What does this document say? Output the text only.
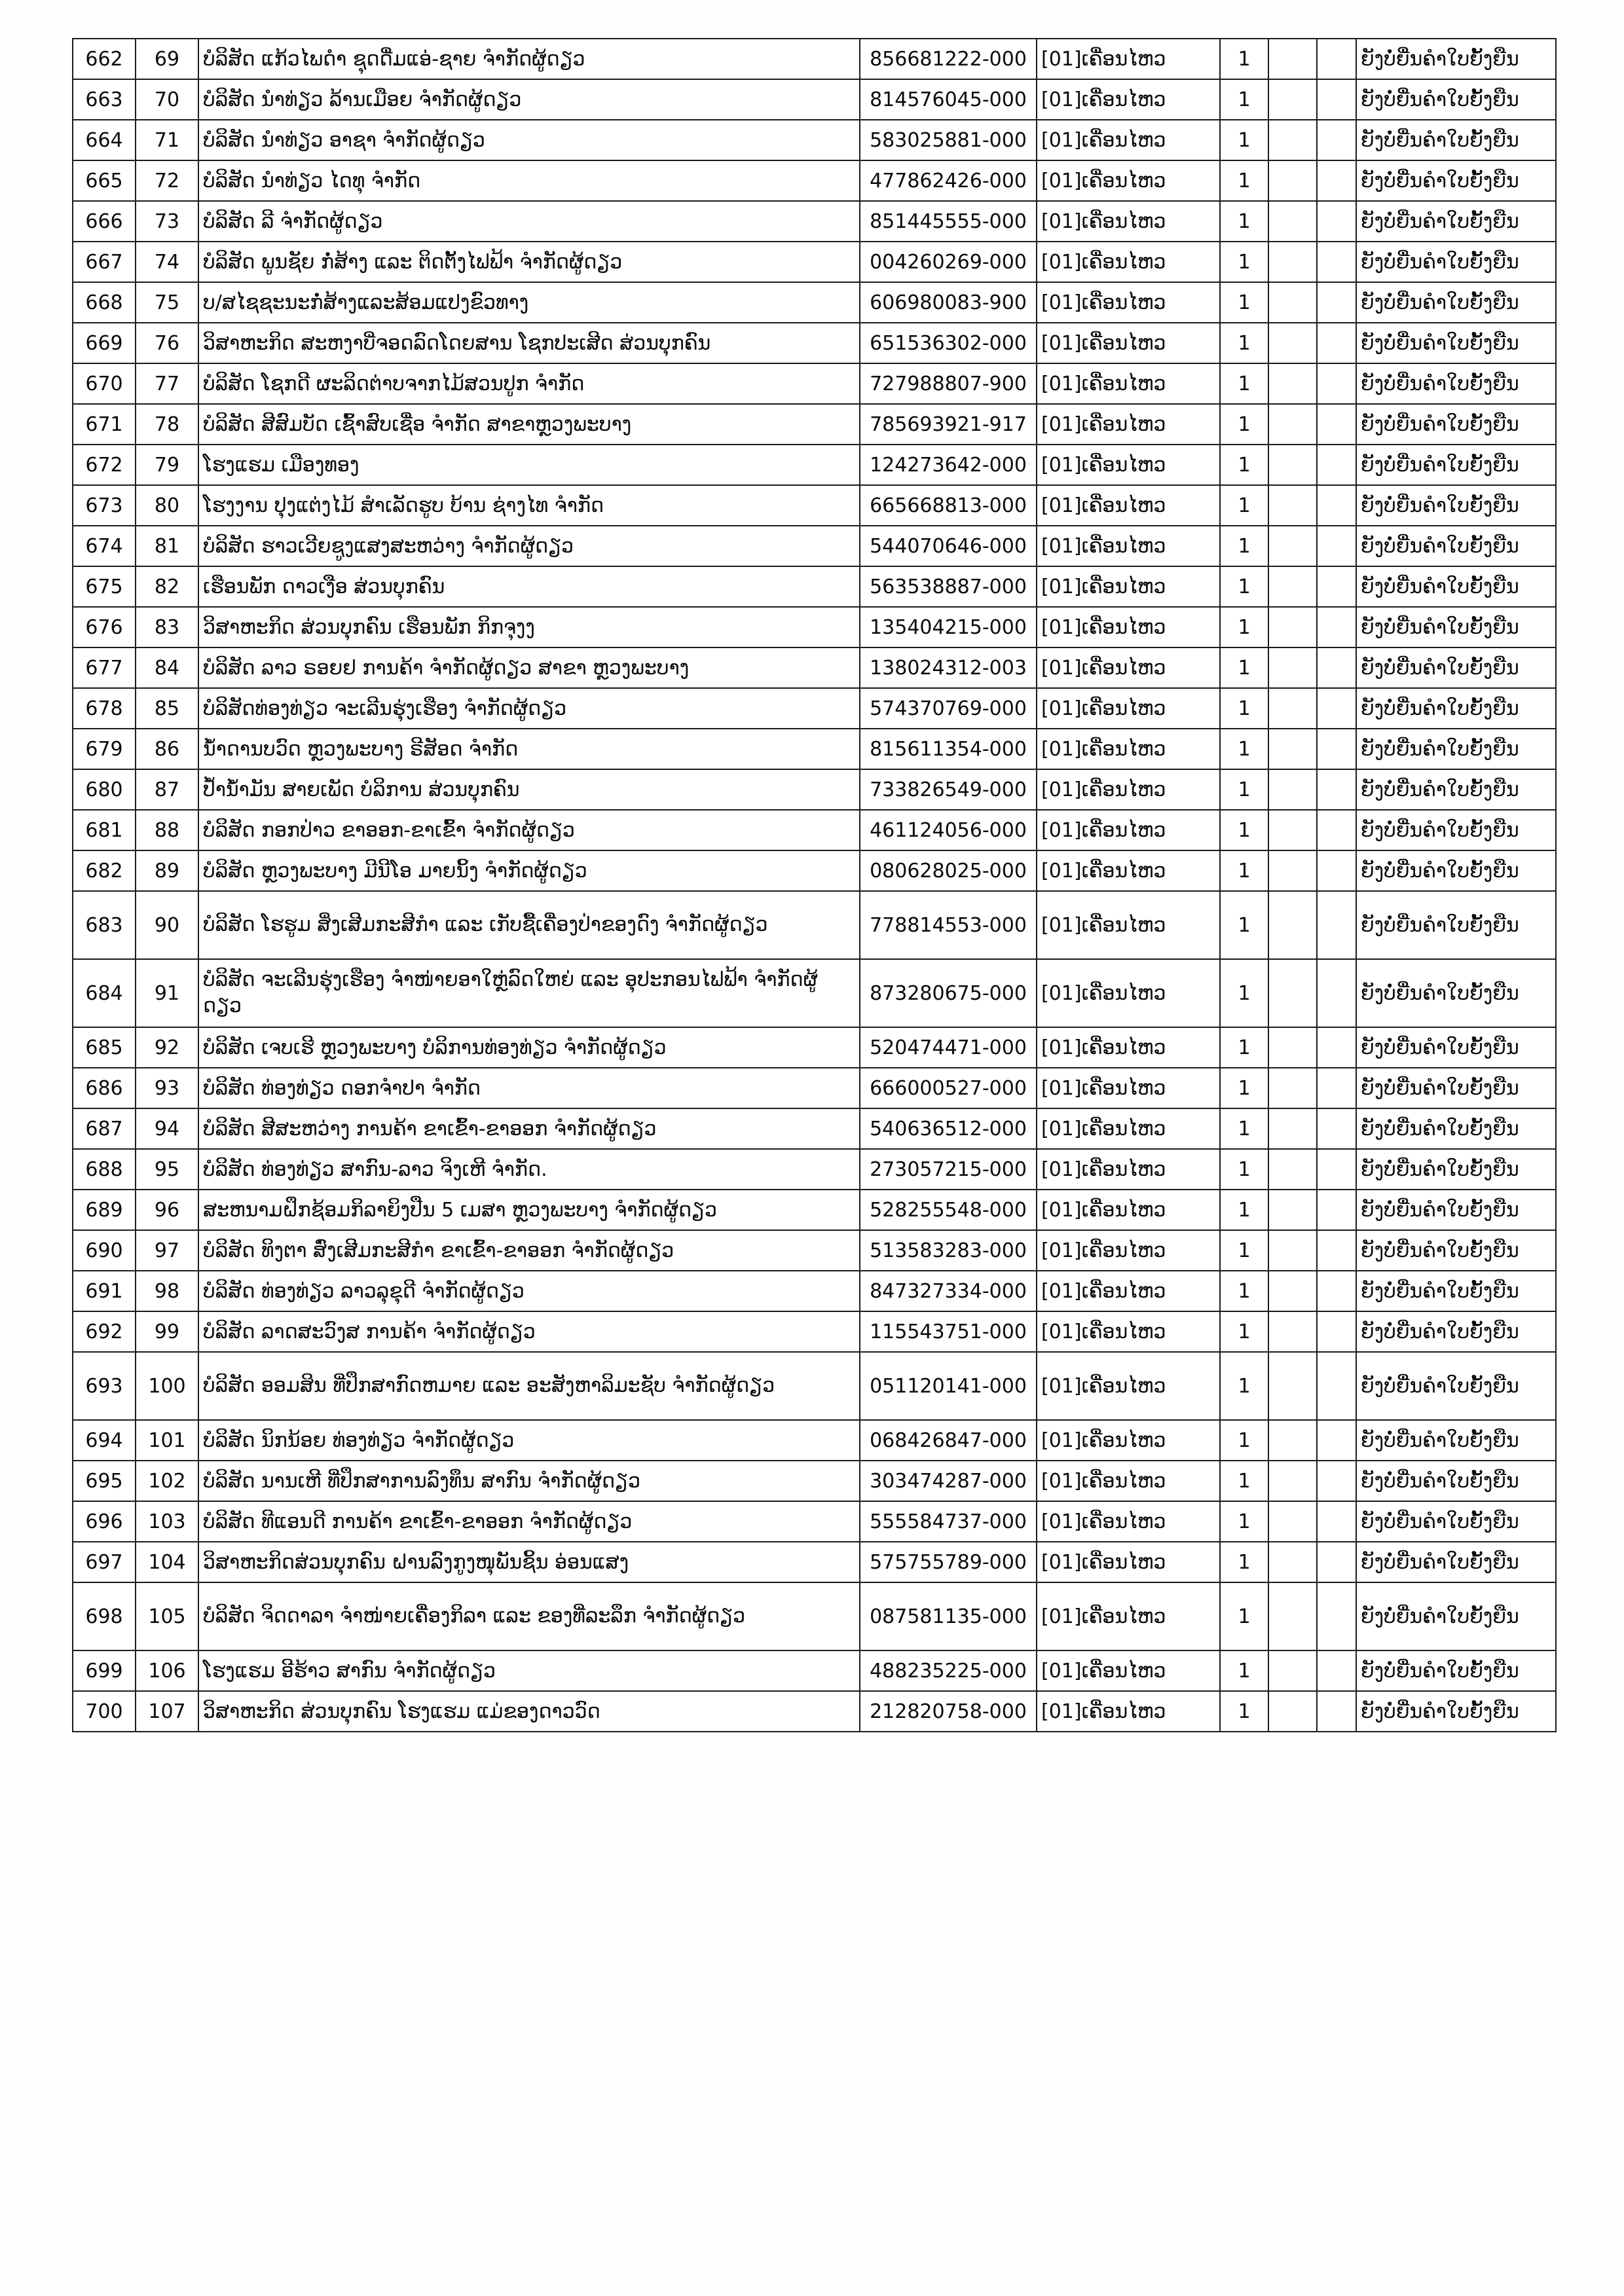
662	69	ບໍລິສັດ ແກ້ວໄພດຳ ຊຸດດື່ມແອ່-ຊາຍ ຈຳກັດຜູ້ດຽວ	856681222-000	[01]ເຄື່ອນໄຫວ	1			ຍັງບໍ່ຍື່ນຄຳໃບຍັ້ງຍືນ
663	70	ບໍລິສັດ ນຳທ່ຽວ ລ້ານເມືອຍ ຈຳກັດຜູ້ດຽວ	814576045-000	[01]ເຄື່ອນໄຫວ	1			ຍັງບໍ່ຍື່ນຄຳໃບຍັ້ງຍືນ
664	71	ບໍລິສັດ ນຳທ່ຽວ ອາຊາ ຈຳກັດຜູ້ດຽວ	583025881-000	[01]ເຄື່ອນໄຫວ	1			ຍັງບໍ່ຍື່ນຄຳໃບຍັ້ງຍືນ
665	72	ບໍລິສັດ ນຳທ່ຽວ ໄດທຸ ຈຳກັດ	477862426-000	[01]ເຄື່ອນໄຫວ	1			ຍັງບໍ່ຍື່ນຄຳໃບຍັ້ງຍືນ
666	73	ບໍລິສັດ ລີ ຈຳກັດຜູ້ດຽວ	851445555-000	[01]ເຄື່ອນໄຫວ	1			ຍັງບໍ່ຍື່ນຄຳໃບຍັ້ງຍືນ
667	74	ບໍລິສັດ ພູນຊັຍ ກໍ່ສ້າງ ແລະ ຕິດຕັ້ງໄຟຟ້າ ຈຳກັດຜູ້ດຽວ	004260269-000	[01]ເຄື່ອນໄຫວ	1			ຍັງບໍ່ຍື່ນຄຳໃບຍັ້ງຍືນ
668	75	ບ/ສໄຊຊະນະກໍ່ສ້າງແລະສ້ອມແປງຂົວທາງ	606980083-900	[01]ເຄື່ອນໄຫວ	1			ຍັງບໍ່ຍື່ນຄຳໃບຍັ້ງຍືນ
669	76	ວິສາຫະກິດ ສະຫງາບີ່ຈອດລົດໂດຍສານ ໂຊກປະເສີດ ສ່ວນບຸກຄົນ	651536302-000	[01]ເຄື່ອນໄຫວ	1			ຍັງບໍ່ຍື່ນຄຳໃບຍັ້ງຍືນ
670	77	ບໍລິສັດ ໂຊກດີ ຜະລິດຕ່າບຈາກໄມ້ສວນປູກ ຈຳກັດ	727988807-900	[01]ເຄື່ອນໄຫວ	1			ຍັງບໍ່ຍື່ນຄຳໃບຍັ້ງຍືນ
671	78	ບໍລິສັດ ສີສົມບັດ ເຊົ້າສົບເຊື່ອ ຈຳກັດ ສາຂາຫຼວງພະບາງ	785693921-917	[01]ເຄື່ອນໄຫວ	1			ຍັງບໍ່ຍື່ນຄຳໃບຍັ້ງຍືນ
672	79	ໂຮງແຮມ ເມືອງທອງ	124273642-000	[01]ເຄື່ອນໄຫວ	1			ຍັງບໍ່ຍື່ນຄຳໃບຍັ້ງຍືນ
673	80	ໂຮງງານ ປຸງແຕ່ງໄມ້ ສຳເລັດຮູບ ບ້ານ ຊ່າງໄທ ຈຳກັດ	665668813-000	[01]ເຄື່ອນໄຫວ	1			ຍັງບໍ່ຍື່ນຄຳໃບຍັ້ງຍືນ
674	81	ບໍລິສັດ ຮາວເວີຍຊູງແສງສະຫວ່າງ ຈຳກັດຜູ້ດຽວ	544070646-000	[01]ເຄື່ອນໄຫວ	1			ຍັງບໍ່ຍື່ນຄຳໃບຍັ້ງຍືນ
675	82	ເຮືອນພັກ ດາວເງືອ ສ່ວນບຸກຄົນ	563538887-000	[01]ເຄື່ອນໄຫວ	1			ຍັງບໍ່ຍື່ນຄຳໃບຍັ້ງຍືນ
676	83	ວິສາຫະກິດ ສ່ວນບຸກຄົນ ເຮືອນພັກ ກິກຈຸງງ	135404215-000	[01]ເຄື່ອນໄຫວ	1			ຍັງບໍ່ຍື່ນຄຳໃບຍັ້ງຍືນ
677	84	ບໍລິສັດ ລາວ ຣອຍຢ ການຄ້າ ຈຳກັດຜູ້ດຽວ ສາຂາ ຫຼວງພະບາງ	138024312-003	[01]ເຄື່ອນໄຫວ	1			ຍັງບໍ່ຍື່ນຄຳໃບຍັ້ງຍືນ
678	85	ບໍລິສັດທ່ອງທ່ຽວ ຈະເລີນຮຸ່ງເຮືອງ ຈຳກັດຜູ້ດຽວ	574370769-000	[01]ເຄື່ອນໄຫວ	1			ຍັງບໍ່ຍື່ນຄຳໃບຍັ້ງຍືນ
679	86	ນ້ຳດານບວົດ ຫຼວງພະບາງ ຣີສັອດ ຈຳກັດ	815611354-000	[01]ເຄື່ອນໄຫວ	1			ຍັງບໍ່ຍື່ນຄຳໃບຍັ້ງຍືນ
680	87	ປ້ຳນ້ຳມັນ ສາຍເພັດ ບໍລິການ ສ່ວນບຸກຄົນ	733826549-000	[01]ເຄື່ອນໄຫວ	1			ຍັງບໍ່ຍື່ນຄຳໃບຍັ້ງຍືນ
681	88	ບໍລິສັດ ກອກປ່າວ ຂາອອກ-ຂາເຂົ້າ ຈຳກັດຜູ້ດຽວ	461124056-000	[01]ເຄື່ອນໄຫວ	1			ຍັງບໍ່ຍື່ນຄຳໃບຍັ້ງຍືນ
682	89	ບໍລິສັດ ຫຼວງພະບາງ ມີນີໂອ ມາຍນິ້ງ ຈຳກັດຜູ້ດຽວ	080628025-000	[01]ເຄື່ອນໄຫວ	1			ຍັງບໍ່ຍື່ນຄຳໃບຍັ້ງຍືນ
683	90	ບໍລິສັດ ໂຮຮູມ ສິ່ງເສີມກະສີກຳ ແລະ ເກັບຊື້ເຄື່ອງປ່າຂອງດົງ ຈຳກັດຜູ້ດຽວ	778814553-000	[01]ເຄື່ອນໄຫວ	1			ຍັງບໍ່ຍື່ນຄຳໃບຍັ້ງຍືນ
684	91	ບໍລິສັດ ຈະເລີນຮຸ່ງເຮືອງ ຈຳໜ່າຍອາໃຫຼ່ລົດໃຫຍ່ ແລະ ອຸປະກອນໄຟຟ້າ ຈຳກັດຜູ້ດຽວ	873280675-000	[01]ເຄື່ອນໄຫວ	1			ຍັງບໍ່ຍື່ນຄຳໃບຍັ້ງຍືນ
685	92	ບໍລິສັດ ເຈບເຮີ ຫຼວງພະບາງ ບໍລິການທ່ອງທ່ຽວ ຈຳກັດຜູ້ດຽວ	520474471-000	[01]ເຄື່ອນໄຫວ	1			ຍັງບໍ່ຍື່ນຄຳໃບຍັ້ງຍືນ
686	93	ບໍລິສັດ ທ່ອງທ່ຽວ ດອກຈຳປາ ຈຳກັດ	666000527-000	[01]ເຄື່ອນໄຫວ	1			ຍັງບໍ່ຍື່ນຄຳໃບຍັ້ງຍືນ
687	94	ບໍລິສັດ ສີສະຫວ່າງ ການຄ້າ ຂາເຂົ້າ-ຂາອອກ ຈຳກັດຜູ້ດຽວ	540636512-000	[01]ເຄື່ອນໄຫວ	1			ຍັງບໍ່ຍື່ນຄຳໃບຍັ້ງຍືນ
688	95	ບໍລິສັດ ທ່ອງທ່ຽວ ສາກົນ-ລາວ ຈິງເຫີ ຈຳກັດ.	273057215-000	[01]ເຄື່ອນໄຫວ	1			ຍັງບໍ່ຍື່ນຄຳໃບຍັ້ງຍືນ
689	96	ສະຫນາມຝຶກຊ້ອມກິລາຍິງປືນ 5 ເມສາ ຫຼວງພະບາງ ຈຳກັດຜູ້ດຽວ	528255548-000	[01]ເຄື່ອນໄຫວ	1			ຍັງບໍ່ຍື່ນຄຳໃບຍັ້ງຍືນ
690	97	ບໍລິສັດ ທິງຕາ ສົ່ງເສີມກະສີກຳ ຂາເຂົ້າ-ຂາອອກ ຈຳກັດຜູ້ດຽວ	513583283-000	[01]ເຄື່ອນໄຫວ	1			ຍັງບໍ່ຍື່ນຄຳໃບຍັ້ງຍືນ
691	98	ບໍລິສັດ ທ່ອງທ່ຽວ ລາວລຸຂຸດີ ຈຳກັດຜູ້ດຽວ	847327334-000	[01]ເຄື່ອນໄຫວ	1			ຍັງບໍ່ຍື່ນຄຳໃບຍັ້ງຍືນ
692	99	ບໍລິສັດ ລາດສະວົງສ ການຄ້າ ຈຳກັດຜູ້ດຽວ	115543751-000	[01]ເຄື່ອນໄຫວ	1			ຍັງບໍ່ຍື່ນຄຳໃບຍັ້ງຍືນ
693	100	ບໍລິສັດ ອອມສິນ ທີ່ປຶກສາກົດຫມາຍ ແລະ ອະສັງຫາລິມະຊັບ ຈຳກັດຜູ້ດຽວ	051120141-000	[01]ເຄື່ອນໄຫວ	1			ຍັງບໍ່ຍື່ນຄຳໃບຍັ້ງຍືນ
694	101	ບໍລິສັດ ນິກນ້ອຍ ທ່ອງທ່ຽວ ຈຳກັດຜູ້ດຽວ	068426847-000	[01]ເຄື່ອນໄຫວ	1			ຍັງບໍ່ຍື່ນຄຳໃບຍັ້ງຍືນ
695	102	ບໍລິສັດ ນານເຫີ ທີ່ປຶກສາການລົງທຶນ ສາກົນ ຈຳກັດຜູ້ດຽວ	303474287-000	[01]ເຄື່ອນໄຫວ	1			ຍັງບໍ່ຍື່ນຄຳໃບຍັ້ງຍືນ
696	103	ບໍລິສັດ ທີແອນດີ ການຄ້າ ຂາເຂົ້າ-ຂາອອກ ຈຳກັດຜູ້ດຽວ	555584737-000	[01]ເຄື່ອນໄຫວ	1			ຍັງບໍ່ຍື່ນຄຳໃບຍັ້ງຍືນ
697	104	ວິສາຫະກິດສ່ວນບຸກຄົນ ຝານລົງກູງໜຸພັນຊິ້ນ ອ່ອນແສງ	575755789-000	[01]ເຄື່ອນໄຫວ	1			ຍັງບໍ່ຍື່ນຄຳໃບຍັ້ງຍືນ
698	105	ບໍລິສັດ ຈິດດາລາ ຈຳໜ່າຍເຄື່ອງກິລາ ແລະ ຂອງທີ່ລະລຶກ ຈຳກັດຜູ້ດຽວ	087581135-000	[01]ເຄື່ອນໄຫວ	1			ຍັງບໍ່ຍື່ນຄຳໃບຍັ້ງຍືນ
699	106	ໂຮງແຮມ ອີຮ້າວ ສາກົນ ຈຳກັດຜູ້ດຽວ	488235225-000	[01]ເຄື່ອນໄຫວ	1			ຍັງບໍ່ຍື່ນຄຳໃບຍັ້ງຍືນ
700	107	ວິສາຫະກິດ ສ່ວນບຸກຄົນ ໂຮງແຮມ ແມ່ຂອງດາວວົດ	212820758-000	[01]ເຄື່ອນໄຫວ	1			ຍັງບໍ່ຍື່ນຄຳໃບຍັ້ງຍືນ
